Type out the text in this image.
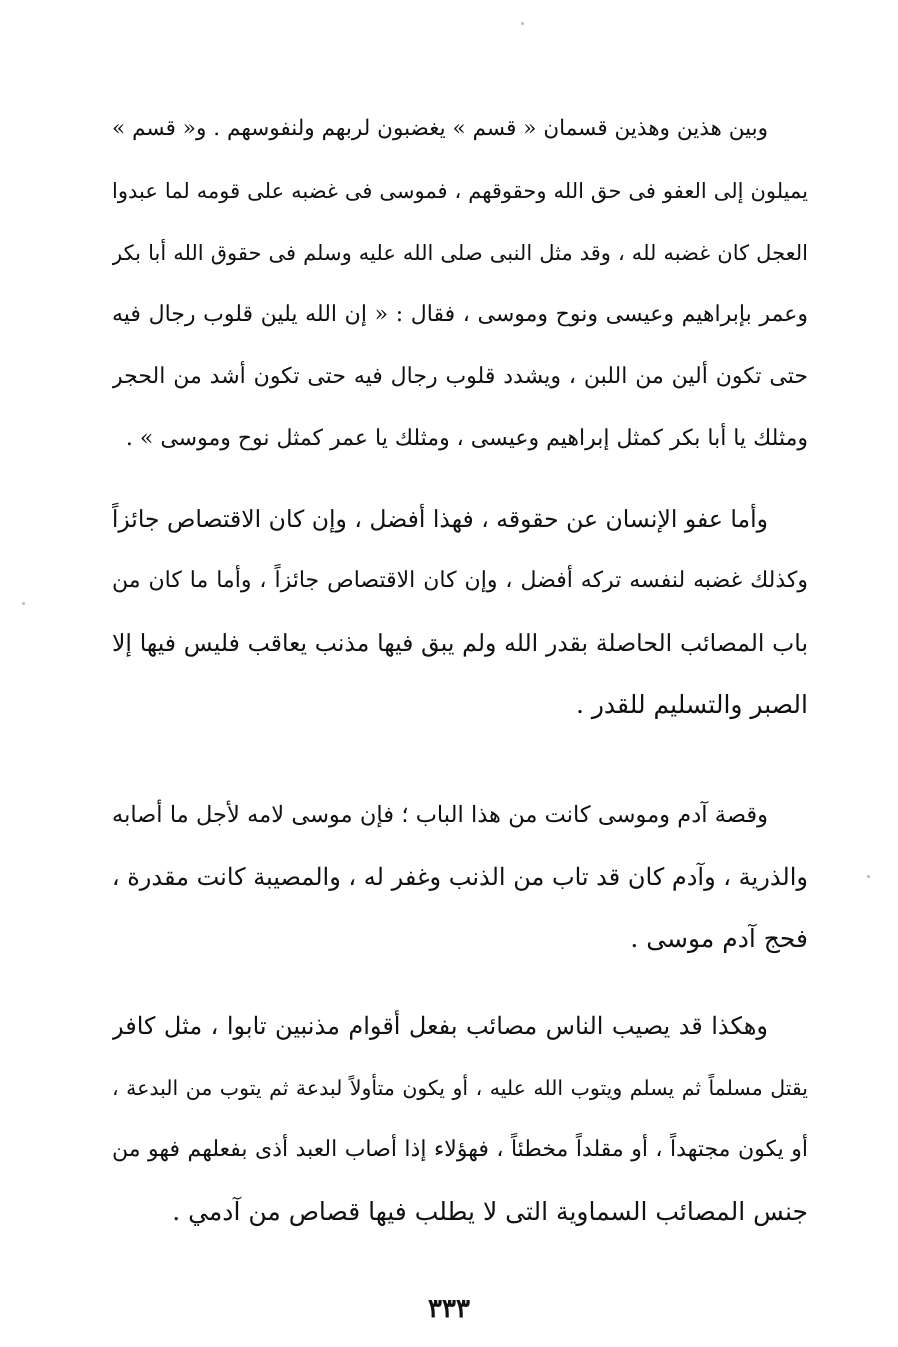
وبين هذين وهذين قسمان « قسم » يغضبون لربهم ولنفوسهم . و« قسم »
يميلون إلى العفو فى حق الله وحقوقهم ، فموسى فى غضبه على قومه لما عبدوا
العجل كان غضبه لله ، وقد مثل النبى صلى الله عليه وسلم فى حقوق الله أبا بكر
وعمر بإبراهيم وعيسى ونوح وموسى ، فقال : « إن الله يلين قلوب رجال فيه
حتى تكون ألين من اللبن ، ويشدد قلوب رجال فيه حتى تكون أشد من الحجر
ومثلك يا أبا بكر كمثل إبراهيم وعيسى ، ومثلك يا عمر كمثل نوح وموسى » .
وأما عفو الإنسان عن حقوقه ، فهذا أفضل ، وإن كان الاقتصاص جائزاً
وكذلك غضبه لنفسه تركه أفضل ، وإن كان الاقتصاص جائزاً ، وأما ما كان من
باب المصائب الحاصلة بقدر الله ولم يبق فيها مذنب يعاقب فليس فيها إلا
الصبر والتسليم للقدر .
وقصة آدم وموسى كانت من هذا الباب ؛ فإن موسى لامه لأجل ما أصابه
والذرية ، وآدم كان قد تاب من الذنب وغفر له ، والمصيبة كانت مقدرة ،
فحج آدم موسى .
وهكذا قد يصيب الناس مصائب بفعل أقوام مذنبين تابوا ، مثل كافر
يقتل مسلماً ثم يسلم ويتوب الله عليه ، أو يكون متأولاً لبدعة ثم يتوب من البدعة ،
أو يكون مجتهداً ، أو مقلداً مخطئاً ، فهؤلاء إذا أصاب العبد أذى بفعلهم فهو من
جنس المصائب السماوية التى لا يطلب فيها قصاص من آدمي .
٣٣٣
